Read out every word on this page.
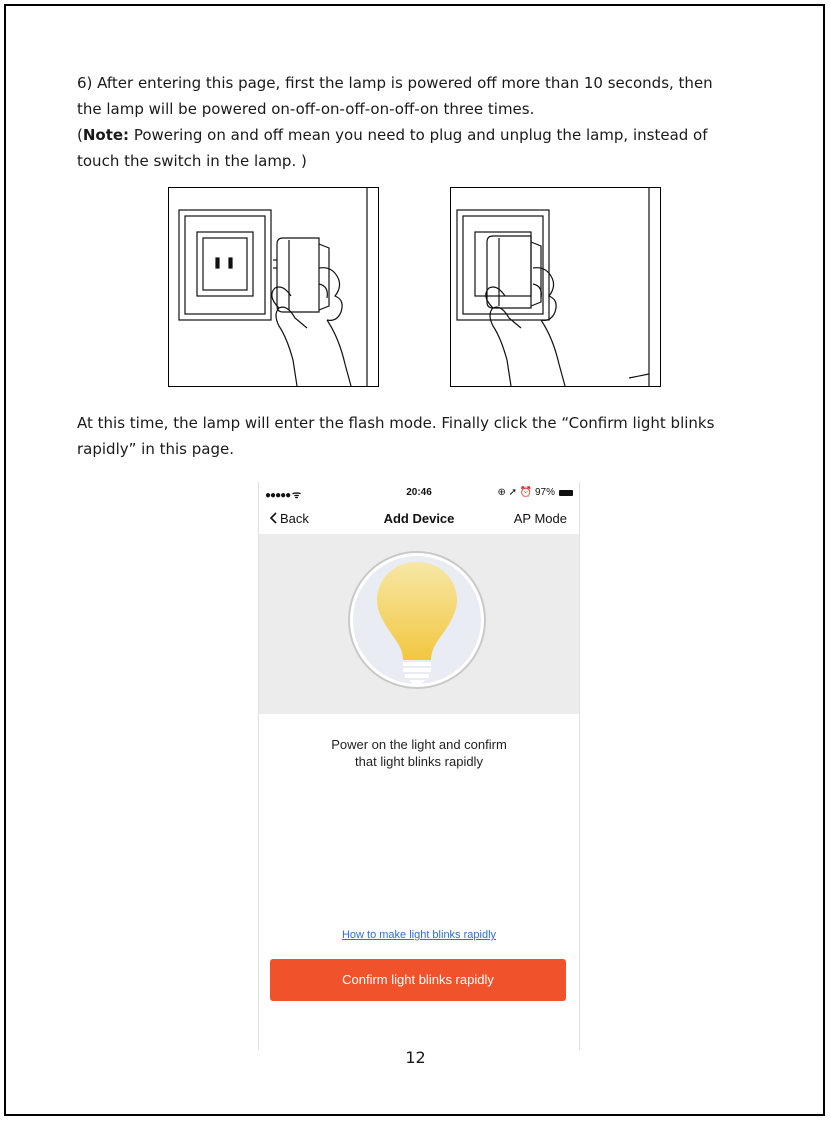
6) After entering this page, first the lamp is powered off more than 10 seconds, then
the lamp will be powered on-off-on-off-on-off-on three times.
(Note: Powering on and off mean you need to plug and unplug the lamp, instead of
touch the switch in the lamp. )

At this time, the lamp will enter the flash mode. Finally click the “Confirm light blinks
rapidly” in this page.

●●●●● ᯤ	20:46	⊕ ➚ ⏰ 97%
Back	Add Device	AP Mode
Power on the light and confirm
that light blinks rapidly
How to make light blinks rapidly
Confirm light blinks rapidly
12
